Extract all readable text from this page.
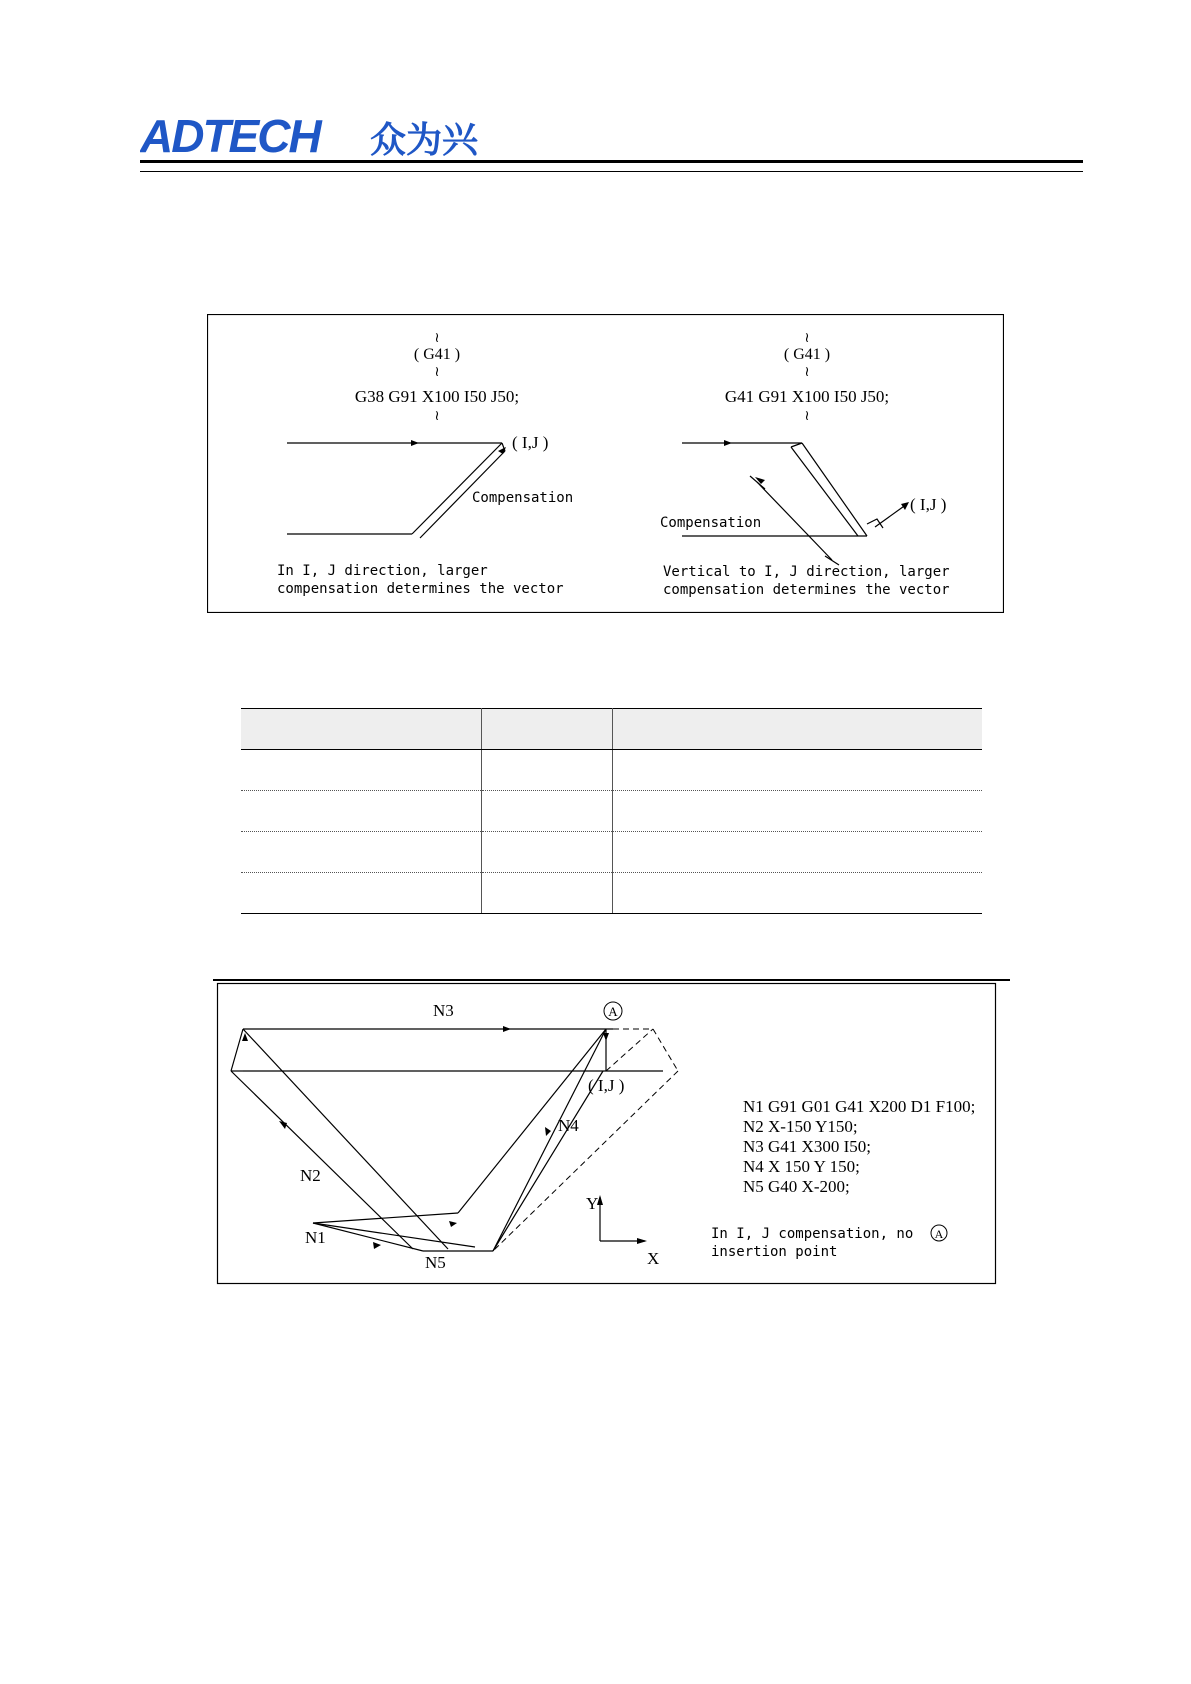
ADTECH 众为兴
≀
( G41 )
≀
G38 G91 X100 I50 J50;
≀
( I,J )
Compensation
In I, J direction, larger
compensation determines the vector
≀
( G41 )
≀
G41 G91 X100 I50 J50;
≀
( I,J )
Compensation
Vertical to I, J direction, larger
compensation determines the vector

N3
N2
N4
N1
N5
A
( I,J )
Y
X
N1 G91 G01 G41 X200 D1 F100;
N2 X-150 Y150;
N3 G41 X300 I50;
N4 X 150 Y 150;
N5 G40 X-200;
In I, J compensation, no A
insertion point
